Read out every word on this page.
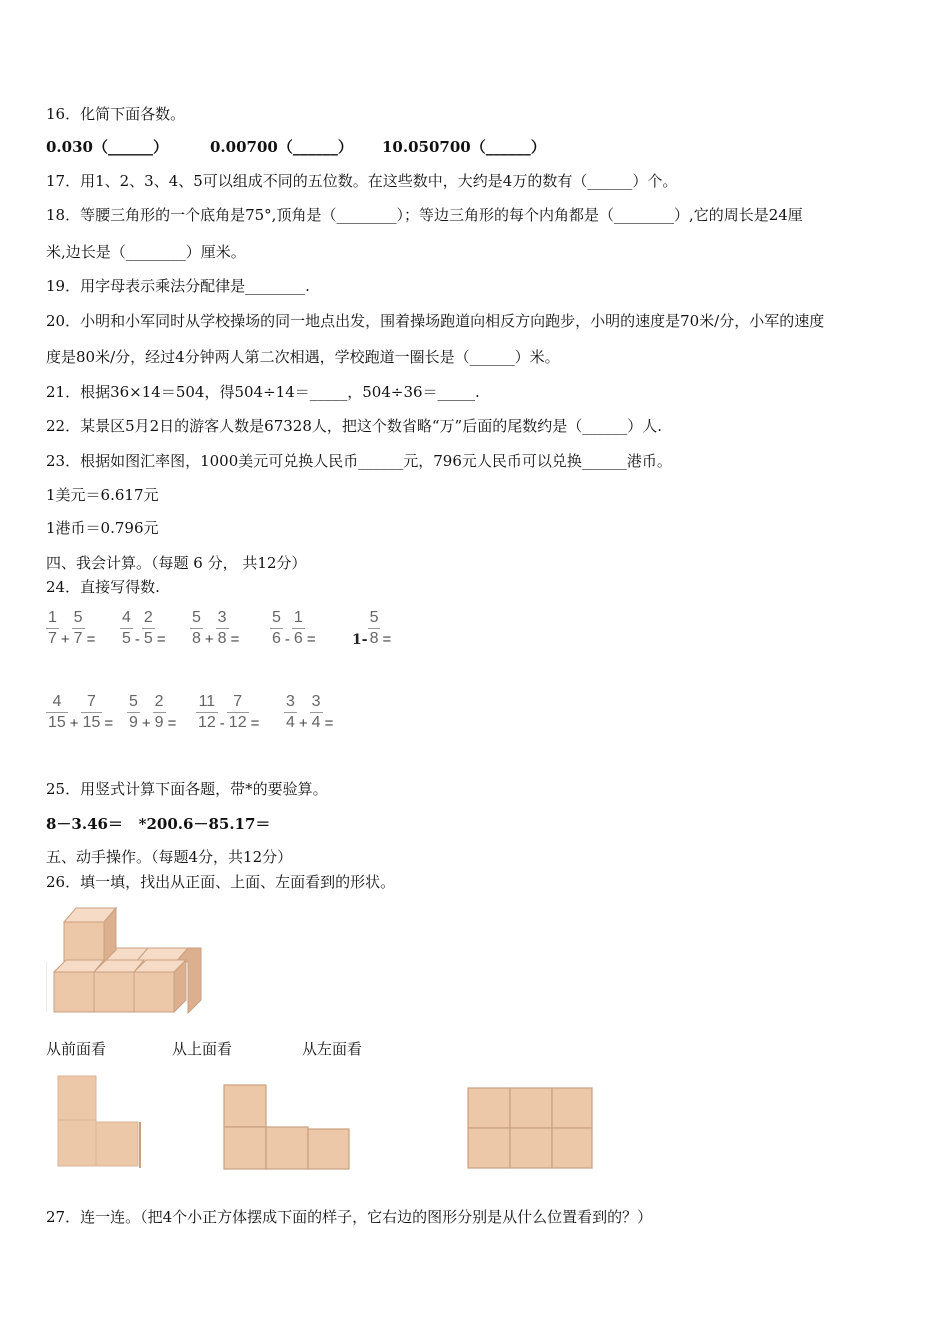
16．化简下面各数。
0.030（______）	0.00700（______） 10.050700（______）
17．用1、2、3、4、5可以组成不同的五位数。在这些数中，大约是4万的数有（______）个。
18．等腰三角形的一个底角是75°,顶角是（________）；等边三角形的每个内角都是（________）,它的周长是24厘
米,边长是（________）厘米。
19．用字母表示乘法分配律是________.
20．小明和小军同时从学校操场的同一地点出发，围着操场跑道向相反方向跑步，小明的速度是70米/分，小军的速度
度是80米/分，经过4分钟两人第二次相遇，学校跑道一圈长是（______）米。
21．根据36×14＝504，得504÷14＝_____，504÷36＝_____.
22．某景区5月2日的游客人数是67328人，把这个数省略“万”后面的尾数约是（______）人.
23．根据如图汇率图，1000美元可兑换人民币______元，796元人民币可以兑换______港币。
1美元＝6.617元
1港币＝0.796元
四、我会计算。（每题 6 分， 共12分）
24．直接写得数.
$\frac{1}{7} + \frac{5}{7} = \frac{4}{5} - \frac{2}{5} = \frac{5}{8} + \frac{3}{8} = \frac{5}{6} - \frac{1}{6}$ =	$1- \frac{5}{8}$ =
$\frac{4}{15} + \frac{7}{15} = \frac{5}{9} + \frac{2}{9} = \frac{11}{12} - \frac{7}{12} = \frac{3}{4} + \frac{3}{4}$ =
25．用竖式计算下面各题，带*的要验算。
8－3.46＝   *200.6－85.17＝
五、动手操作。（每题4分，共12分）
26．填一填，找出从正面、上面、左面看到的形状。
从前面看	从上面看	从左面看
27．连一连。（把4个小正方体摆成下面的样子，它右边的图形分别是从什么位置看到的？）
